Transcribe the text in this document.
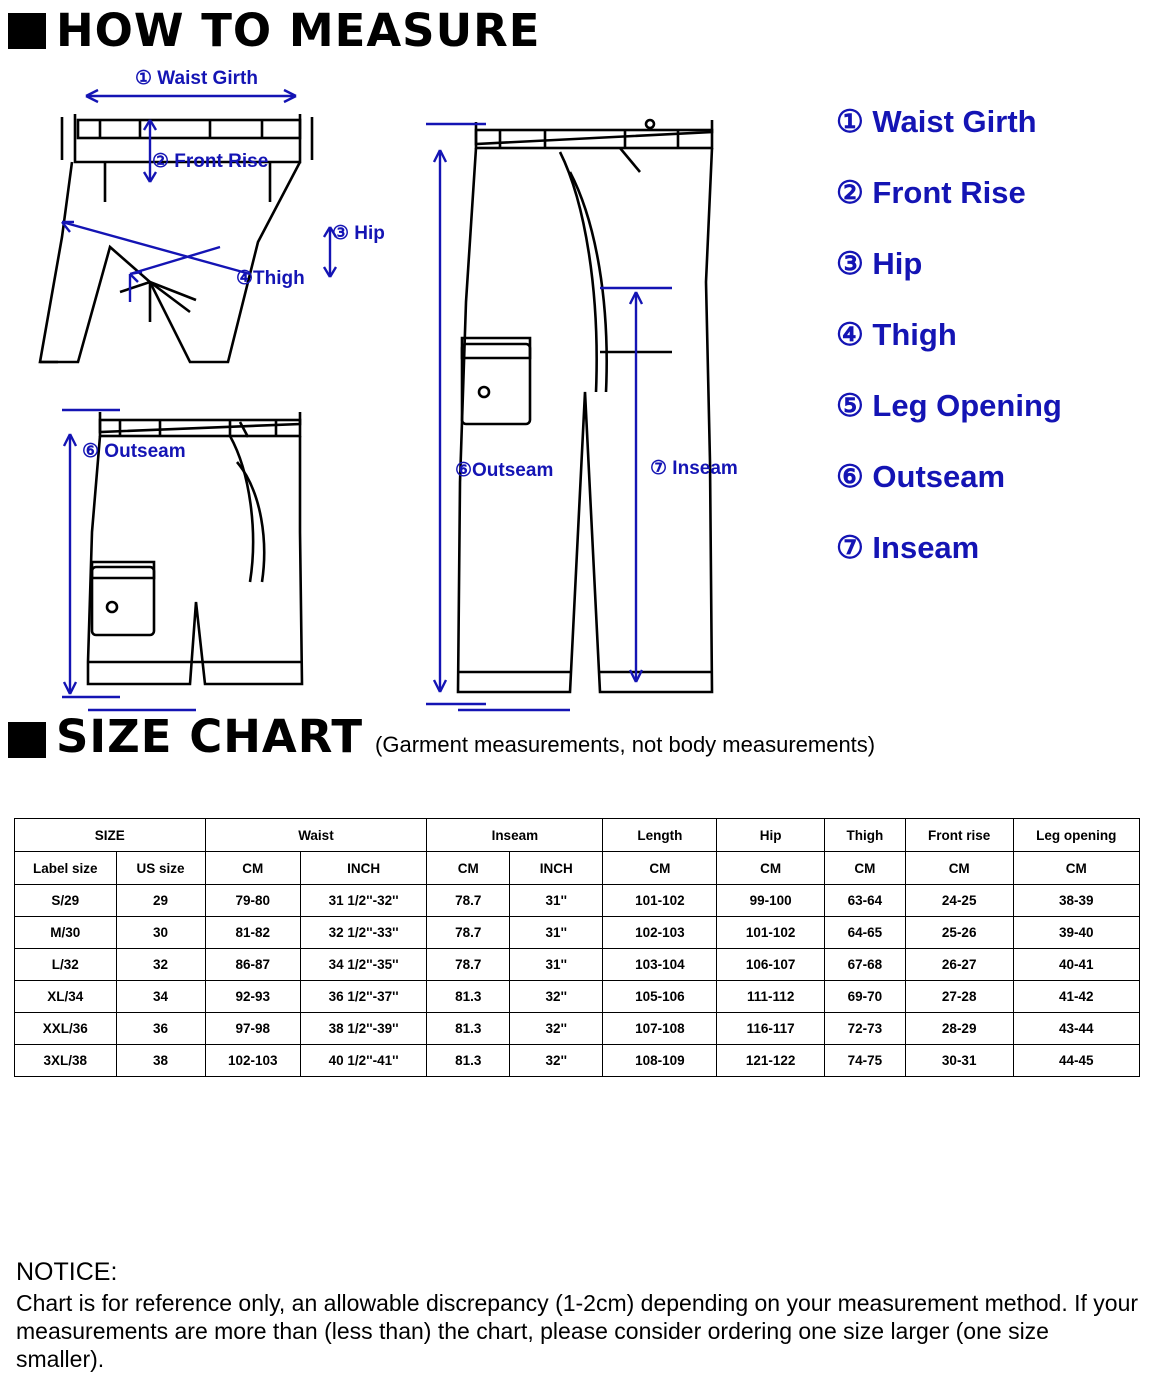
HOW TO MEASURE
① Waist Girth
② Front Rise
③ Hip
④Thigh
⑥ Outseam
⑥Outseam	⑦ Inseam
① Waist Girth
② Front Rise
③ Hip
④ Thigh
⑤ Leg Opening
⑥ Outseam
⑦ Inseam
SIZE CHART (Garment measurements, not body measurements)
SIZE		Waist		Inseam		Length	Hip	Thigh	Front rise	Leg opening
Label size	US size	CM	INCH	CM	INCH	CM	CM	CM	CM	CM
S/29	29	79-80	31 1/2''-32''	78.7	31''	101-102	99-100	63-64	24-25	38-39
M/30	30	81-82	32 1/2''-33''	78.7	31''	102-103	101-102	64-65	25-26	39-40
L/32	32	86-87	34 1/2''-35''	78.7	31''	103-104	106-107	67-68	26-27	40-41
XL/34	34	92-93	36 1/2''-37''	81.3	32''	105-106	111-112	69-70	27-28	41-42
XXL/36	36	97-98	38 1/2''-39''	81.3	32''	107-108	116-117	72-73	28-29	43-44
3XL/38	38	102-103	40 1/2''-41''	81.3	32''	108-109	121-122	74-75	30-31	44-45
NOTICE:
Chart is for reference only, an allowable discrepancy (1-2cm) depending on your measurement method. If your measurements are more than (less than) the chart, please consider ordering one size larger (one size smaller).
